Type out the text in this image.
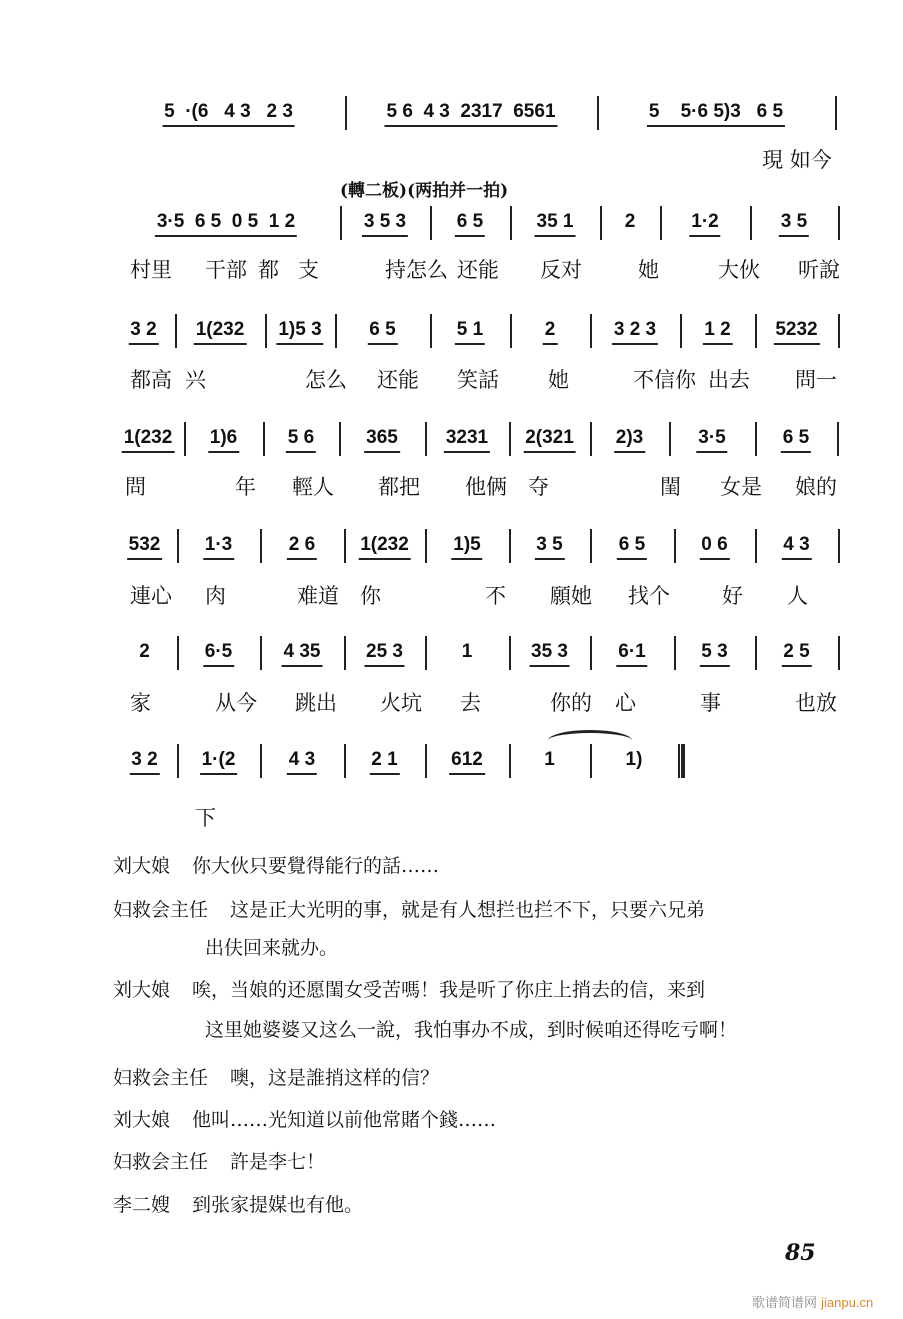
(轉二板)(两拍并一拍)
85
歌谱简谱网 jianpu.cn
5  ·(6   4 3   2 3	5 6  4 3  2317  6561	5    5·6 5)3   6 5
現 如今
3·5  6 5  0 5  1 2	3 5 3	6 5	35 1	2	1·2	3 5
村里 干部 都 支	持怎么 还能 反对	她	大伙 听說
3 2 1(232 1)5 3	6 5	5 1	2	3 2 3	1 2 5232
都高 兴	怎么 还能 笑話 她	不信你 出去 問一
1(232 1)6	5 6	365	3231 2(321 2)3	3·5	6 5
問	年 輕人 都把 他俩 夺	閨 女是 娘的
532 1·3	2 6 1(232 1)5	3 5	6 5	0 6	4 3
連心 肉	难道 你	不 願她 找个 好 人
2	6·5	4 35 25 3	1	35 3	6·1	5 3	2 5
家	从今 跳出 火坑 去	你的 心	事	也放
3 2 1·(2	4 3	2 1	612	1	1)
下
刘大娘 你大伙只要覺得能行的話……
妇救会主任 这是正大光明的事，就是有人想拦也拦不下，只要六兄弟
出伕回来就办。
刘大娘 唉，当娘的还愿閨女受苦嗎！我是听了你庄上捎去的信，来到
这里她婆婆又这么一說，我怕事办不成，到时候咱还得吃亏啊！
妇救会主任 噢，这是誰捎这样的信？
刘大娘 他叫……光知道以前他常賭个錢……
妇救会主任 許是李七！
李二嫂 到张家提媒也有他。
